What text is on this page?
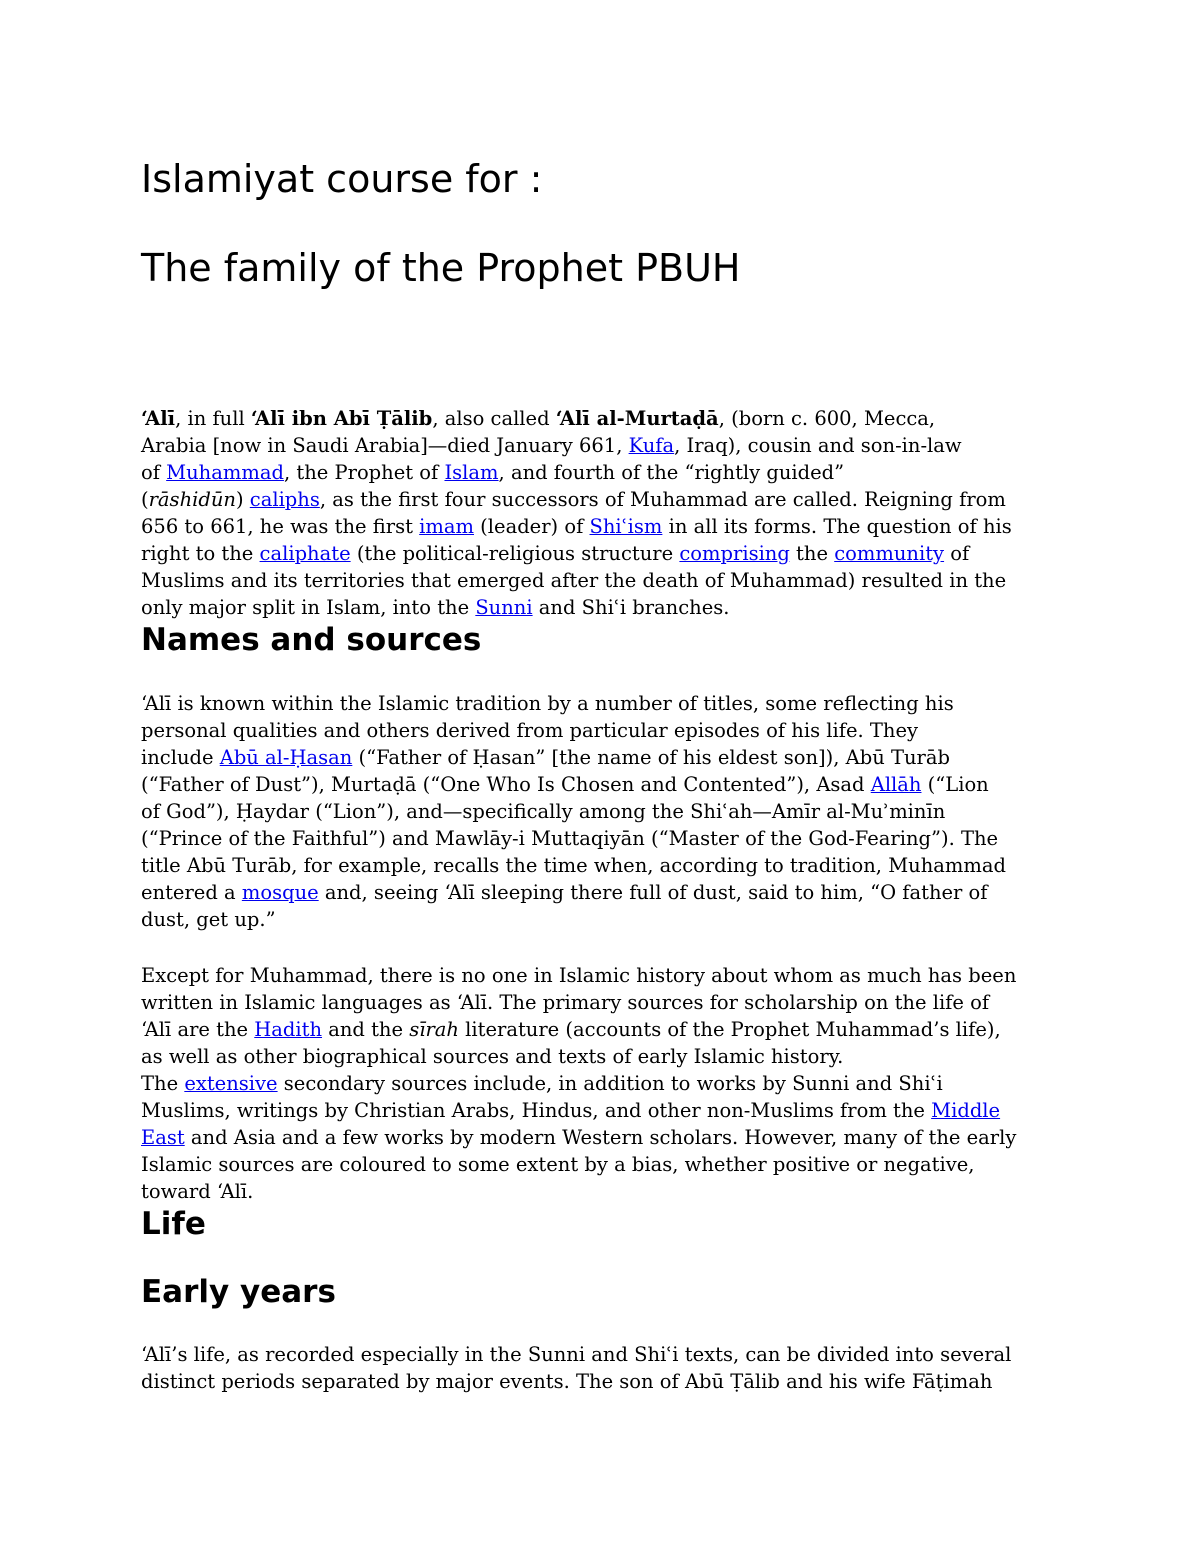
Islamiyat course for :
The family of the Prophet PBUH

‘Alī, in full ‘Alī ibn Abī Ṭālib, also called ‘Alī al-Murtaḍā, (born c. 600, Mecca,
Arabia [now in Saudi Arabia]—died January 661, Kufa, Iraq), cousin and son-in-law
of Muhammad, the Prophet of Islam, and fourth of the “rightly guided”
(rāshidūn) caliphs, as the first four successors of Muhammad are called. Reigning from
656 to 661, he was the first imam (leader) of Shiʿism in all its forms. The question of his
right to the caliphate (the political-religious structure comprising the community of
Muslims and its territories that emerged after the death of Muhammad) resulted in the
only major split in Islam, into the Sunni and Shiʿi branches.

Names and sources

‘Alī is known within the Islamic tradition by a number of titles, some reflecting his
personal qualities and others derived from particular episodes of his life. They
include Abū al-Ḥasan (“Father of Ḥasan” [the name of his eldest son]), Abū Turāb
(“Father of Dust”), Murtaḍā (“One Who Is Chosen and Contented”), Asad Allāh (“Lion
of God”), Ḥaydar (“Lion”), and—specifically among the Shiʿah—Amīr al-Muʾminīn
(“Prince of the Faithful”) and Mawlāy-i Muttaqiyān (“Master of the God-Fearing”). The
title Abū Turāb, for example, recalls the time when, according to tradition, Muhammad
entered a mosque and, seeing ‘Alī sleeping there full of dust, said to him, “O father of
dust, get up.”

Except for Muhammad, there is no one in Islamic history about whom as much has been
written in Islamic languages as ‘Alī. The primary sources for scholarship on the life of
‘Alī are the Hadith and the sīrah literature (accounts of the Prophet Muhammad’s life),
as well as other biographical sources and texts of early Islamic history.
The extensive secondary sources include, in addition to works by Sunni and Shiʿi
Muslims, writings by Christian Arabs, Hindus, and other non-Muslims from the Middle
East and Asia and a few works by modern Western scholars. However, many of the early
Islamic sources are coloured to some extent by a bias, whether positive or negative,
toward ‘Alī.

Life
Early years

‘Alī’s life, as recorded especially in the Sunni and Shiʿi texts, can be divided into several
distinct periods separated by major events. The son of Abū Ṭālib and his wife Fāṭimah
